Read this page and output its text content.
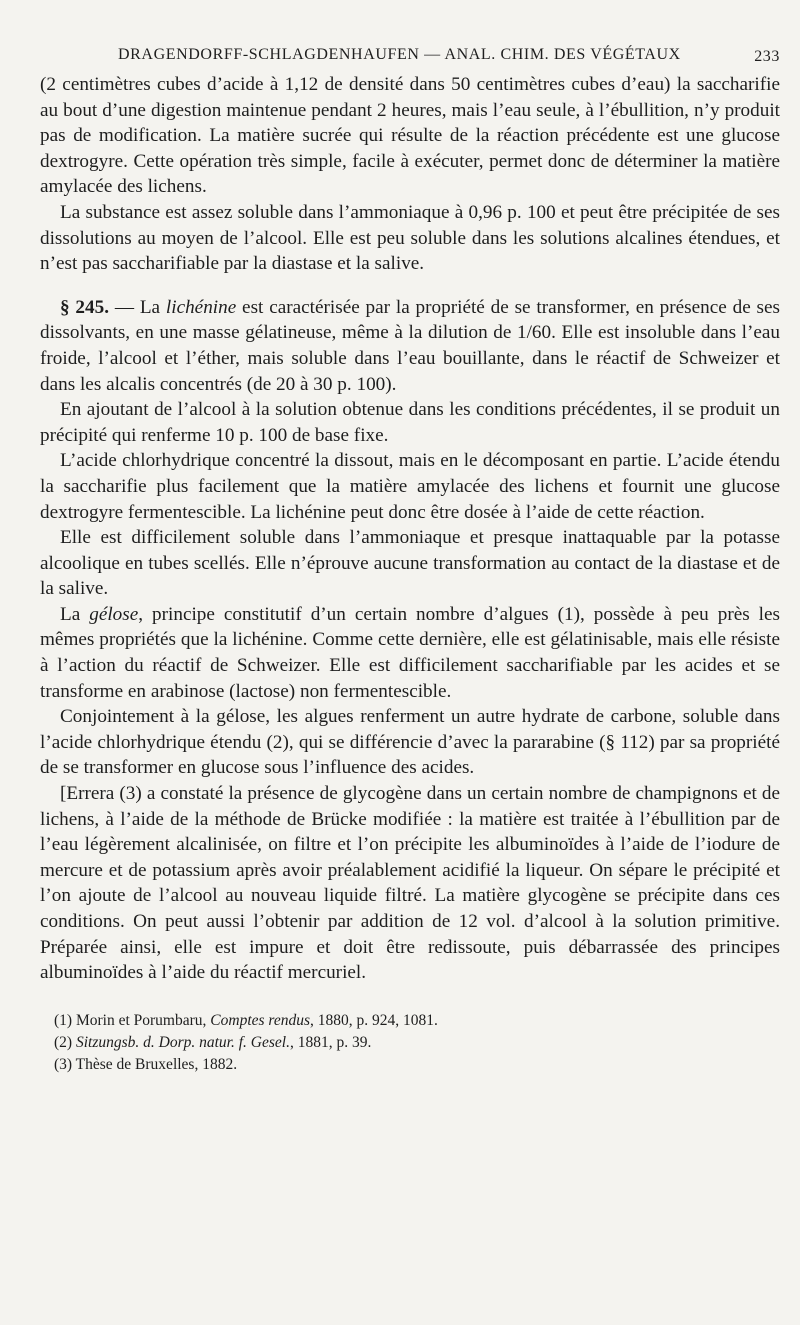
DRAGENDORFF-SCHLAGDENHAUFEN — ANAL. CHIM. DES VÉGÉTAUX	233

(2 centimètres cubes d’acide à 1,12 de densité dans 50 centimètres cubes d’eau) la saccharifie au bout d’une digestion maintenue pendant 2 heures, mais l’eau seule, à l’ébullition, n’y produit pas de modification. La matière sucrée qui résulte de la réaction précédente est une glucose dextrogyre. Cette opération très simple, facile à exécuter, permet donc de déterminer la matière amylacée des lichens.

La substance est assez soluble dans l’ammoniaque à 0,96 p. 100 et peut être précipitée de ses dissolutions au moyen de l’alcool. Elle est peu soluble dans les solutions alcalines étendues, et n’est pas saccharifiable par la diastase et la salive.

§ 245. — La lichénine est caractérisée par la propriété de se transformer, en présence de ses dissolvants, en une masse gélatineuse, même à la dilution de 1/60. Elle est insoluble dans l’eau froide, l’alcool et l’éther, mais soluble dans l’eau bouillante, dans le réactif de Schweizer et dans les alcalis concentrés (de 20 à 30 p. 100).

En ajoutant de l’alcool à la solution obtenue dans les conditions précédentes, il se produit un précipité qui renferme 10 p. 100 de base fixe.

L’acide chlorhydrique concentré la dissout, mais en le décomposant en partie. L’acide étendu la saccharifie plus facilement que la matière amylacée des lichens et fournit une glucose dextrogyre fermentescible. La lichénine peut donc être dosée à l’aide de cette réaction.

Elle est difficilement soluble dans l’ammoniaque et presque inattaquable par la potasse alcoolique en tubes scellés. Elle n’éprouve aucune transformation au contact de la diastase et de la salive.

La gélose, principe constitutif d’un certain nombre d’algues (1), possède à peu près les mêmes propriétés que la lichénine. Comme cette dernière, elle est gélatinisable, mais elle résiste à l’action du réactif de Schweizer. Elle est difficilement saccharifiable par les acides et se transforme en arabinose (lactose) non fermentescible.

Conjointement à la gélose, les algues renferment un autre hydrate de carbone, soluble dans l’acide chlorhydrique étendu (2), qui se différencie d’avec la pararabine (§ 112) par sa propriété de se transformer en glucose sous l’influence des acides.

[Errera (3) a constaté la présence de glycogène dans un certain nombre de champignons et de lichens, à l’aide de la méthode de Brücke modifiée : la matière est traitée à l’ébullition par de l’eau légèrement alcalinisée, on filtre et l’on précipite les albuminoïdes à l’aide de l’iodure de mercure et de potassium après avoir préalablement acidifié la liqueur. On sépare le précipité et l’on ajoute de l’alcool au nouveau liquide filtré. La matière glycogène se précipite dans ces conditions. On peut aussi l’obtenir par addition de 12 vol. d’alcool à la solution primitive. Préparée ainsi, elle est impure et doit être redissoute, puis débarrassée des principes albuminoïdes à l’aide du réactif mercuriel.

(1) Morin et Porumbaru, Comptes rendus, 1880, p. 924, 1081.
(2) Sitzungsb. d. Dorp. natur. f. Gesel., 1881, p. 39.
(3) Thèse de Bruxelles, 1882.
